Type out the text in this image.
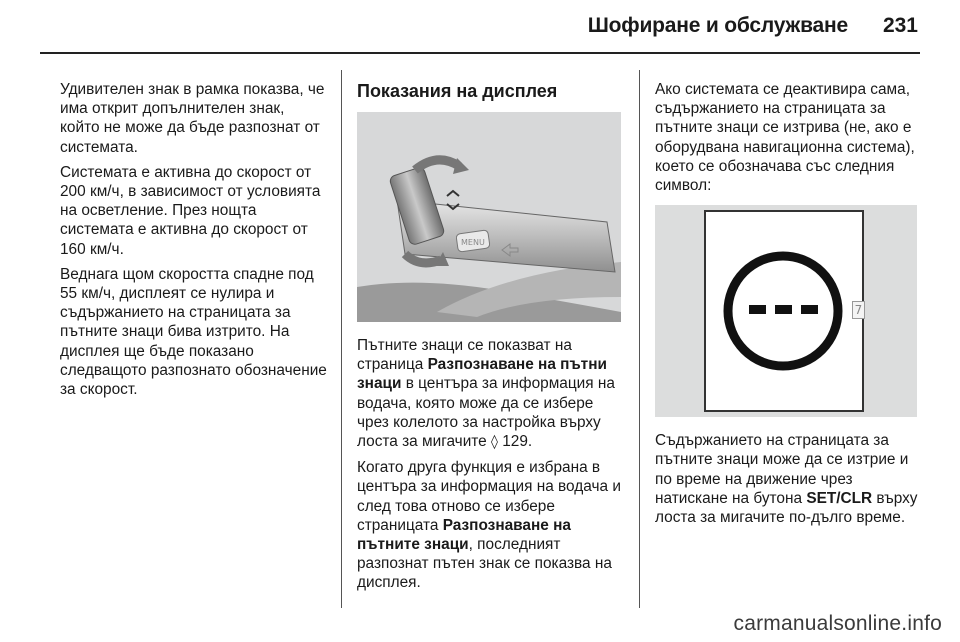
Шофиране и обслужване 231

Удивителен знак в рамка показва, че има открит допълнителен знак, който не може да бъде разпознат от системата.

Системата е активна до скорост от 200 км/ч, в зависимост от условията на осветление. През нощта системата е активна до скорост от 160 км/ч.

Веднага щом скоростта спадне под 55 км/ч, дисплеят се нулира и съдържанието на страницата за пътните знаци бива изтрито. На дисплея ще бъде показано следващото разпознато обозначение за скорост.

Показания на дисплея
MENU

Пътните знаци се показват на страница Разпознаване на пътни знаци в центъра за информация на водача, която може да се избере чрез колелото за настройка върху лоста за мигачите ◊ 129.

Когато друга функция е избрана в центъра за информация на водача и след това отново се избере страницата Разпознаване на пътните знаци, последният разпознат пътен знак се показва на дисплея.

Ако системата се деактивира сама, съдържанието на страницата за пътните знаци се изтрива (не, ако е оборудвана навигационна система), което се обозначава със следния символ:

7

Съдържанието на страницата за пътните знаци може да се изтрие и по време на движение чрез натискане на бутона SET/CLR върху лоста за мигачите по-дълго време.

carmanualsonline.info
